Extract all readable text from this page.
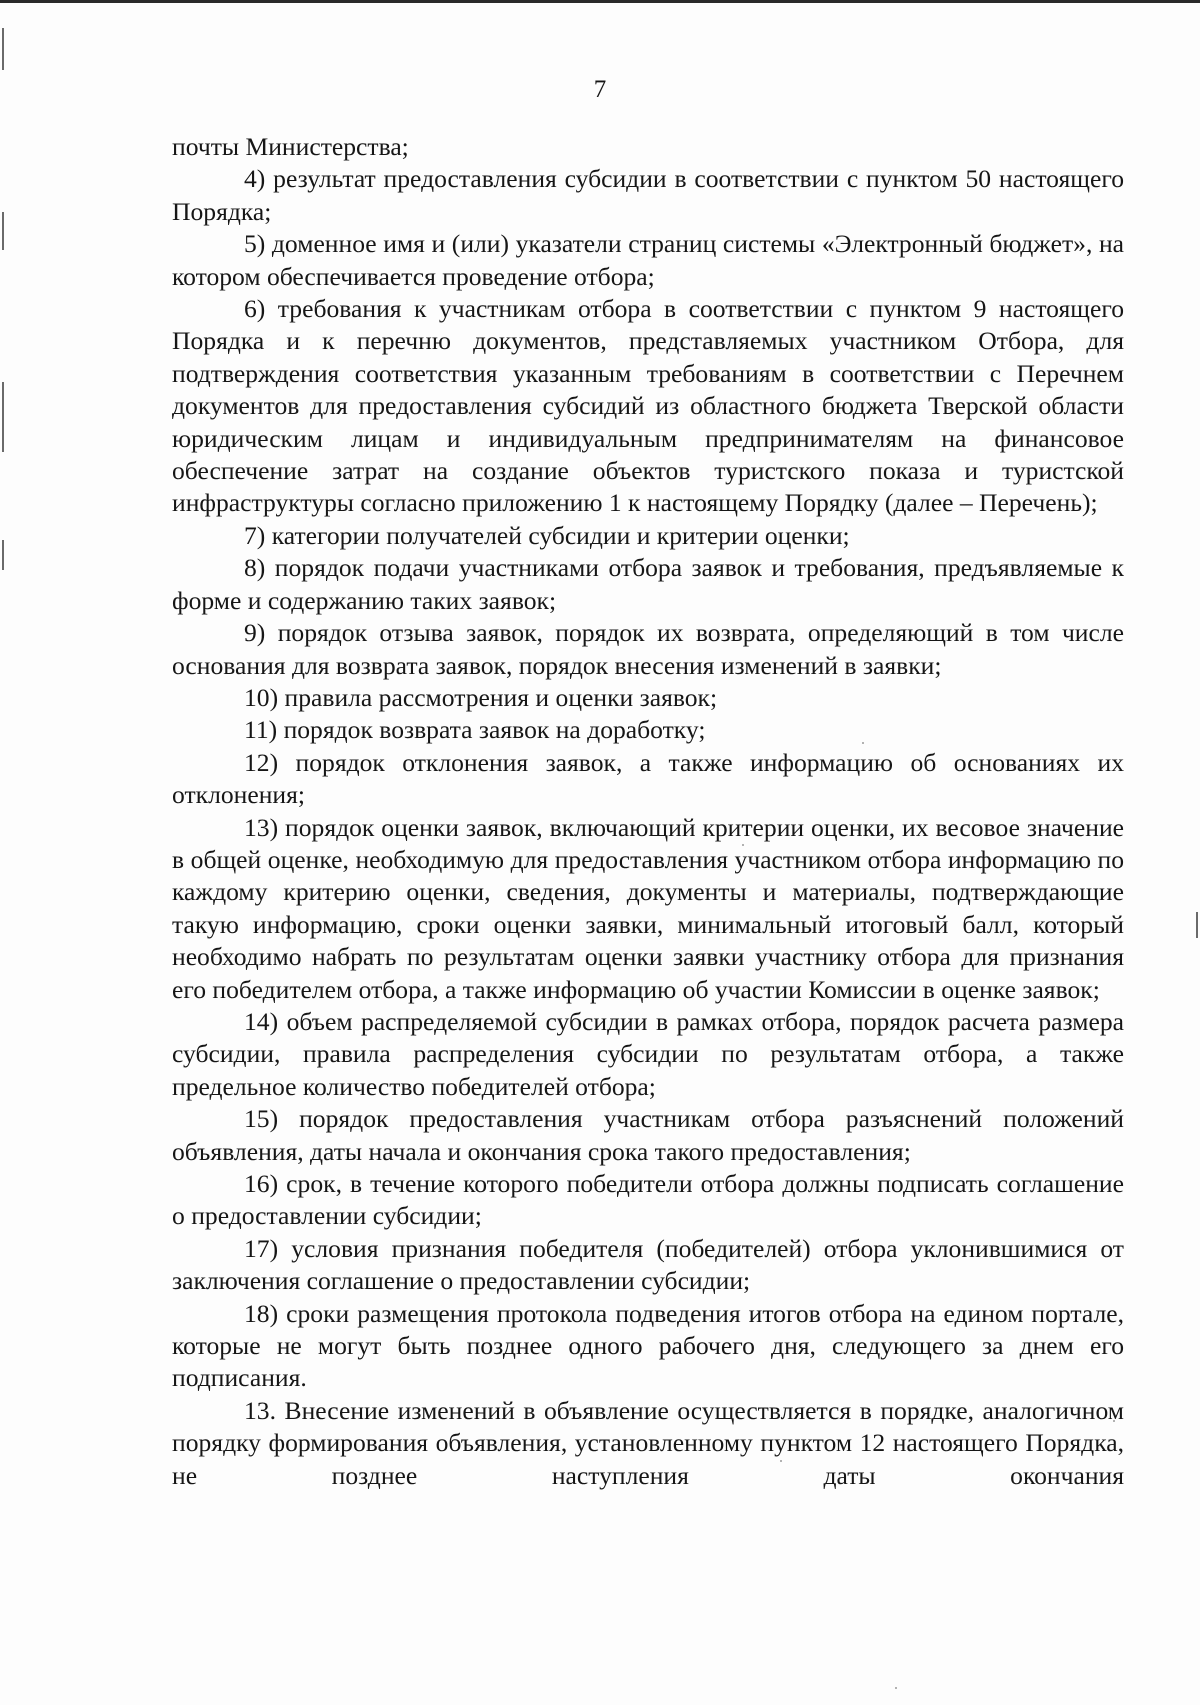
7

почты Министерства;

4) результат предоставления субсидии в соответствии с пунктом 50 настоящего Порядка;

5) доменное имя и (или) указатели страниц системы «Электронный бюджет», на котором обеспечивается проведение отбора;

6) требования к участникам отбора в соответствии с пунктом 9 настоящего Порядка и к перечню документов, представляемых участником Отбора, для подтверждения соответствия указанным требованиям в соответствии с Перечнем документов для предоставления субсидий из областного бюджета Тверской области юридическим лицам и индивидуальным предпринимателям на финансовое обеспечение затрат на создание объектов туристского показа и туристской инфраструктуры согласно приложению 1 к настоящему Порядку (далее – Перечень);

7) категории получателей субсидии и критерии оценки;

8) порядок подачи участниками отбора заявок и требования, предъявляемые к форме и содержанию таких заявок;

9) порядок отзыва заявок, порядок их возврата, определяющий в том числе основания для возврата заявок, порядок внесения изменений в заявки;

10) правила рассмотрения и оценки заявок;

11) порядок возврата заявок на доработку;

12) порядок отклонения заявок, а также информацию об основаниях их отклонения;

13) порядок оценки заявок, включающий критерии оценки, их весовое значение в общей оценке, необходимую для предоставления участником отбора информацию по каждому критерию оценки, сведения, документы и материалы, подтверждающие такую информацию, сроки оценки заявки, минимальный итоговый балл, который необходимо набрать по результатам оценки заявки участнику отбора для признания его победителем отбора, а также информацию об участии Комиссии в оценке заявок;

14) объем распределяемой субсидии в рамках отбора, порядок расчета размера субсидии, правила распределения субсидии по результатам отбора, а также предельное количество победителей отбора;

15) порядок предоставления участникам отбора разъяснений положений объявления, даты начала и окончания срока такого предоставления;

16) срок, в течение которого победители отбора должны подписать соглашение о предоставлении субсидии;

17) условия признания победителя (победителей) отбора уклонившимися от заключения соглашение о предоставлении субсидии;

18) сроки размещения протокола подведения итогов отбора на едином портале, которые не могут быть позднее одного рабочего дня, следующего за днем его подписания.

13. Внесение изменений в объявление осуществляется в порядке, аналогичном порядку формирования объявления, установленному пунктом 12 настоящего Порядка, не позднее наступления даты окончания
